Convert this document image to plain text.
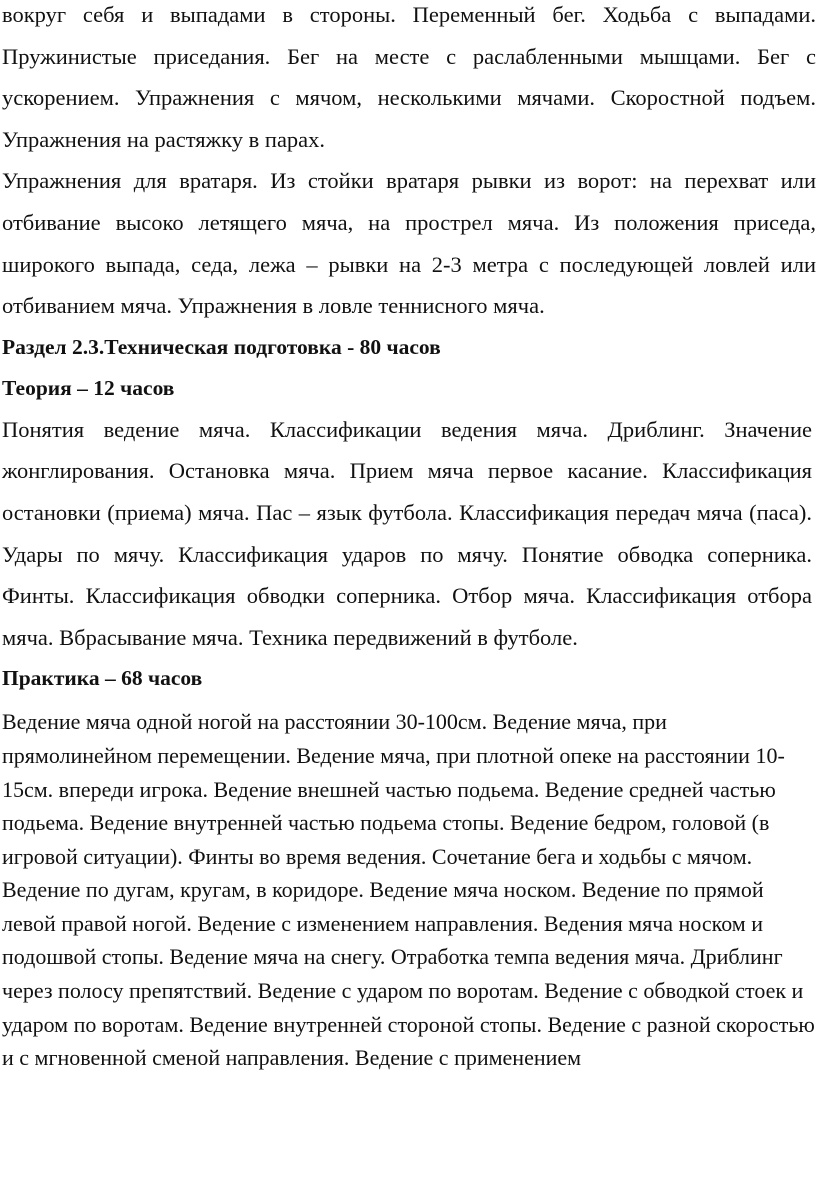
вокруг себя и выпадами в стороны. Переменный бег. Ходьба с выпадами. Пружинистые приседания. Бег на месте с раслабленными мышцами. Бег с ускорением. Упражнения с мячом, несколькими мячами. Скоростной подъем. Упражнения на растяжку в парах.

Упражнения для вратаря. Из стойки вратаря рывки из ворот: на перехват или отбивание высоко летящего мяча, на прострел мяча. Из положения приседа, широкого выпада, седа, лежа – рывки на 2-3 метра с последующей ловлей или отбиванием мяча. Упражнения в ловле теннисного мяча.

Раздел 2.3.Техническая подготовка - 80 часов

Теория – 12 часов

Понятия ведение мяча. Классификации ведения мяча. Дриблинг. Значение жонглирования. Остановка мяча. Прием мяча первое касание. Классификация остановки (приема) мяча. Пас – язык футбола. Классификация передач мяча (паса). Удары по мячу. Классификация ударов по мячу. Понятие обводка соперника. Финты. Классификация обводки соперника. Отбор мяча. Классификация отбора мяча. Вбрасывание мяча. Техника передвижений в футболе.

Практика – 68 часов

Ведение мяча одной ногой на расстоянии 30-100см. Ведение мяча, при прямолинейном перемещении. Ведение мяча, при плотной опеке на расстоянии 10-15см. впереди игрока. Ведение внешней частью подьема. Ведение средней частью подьема. Ведение внутренней частью подьема стопы. Ведение бедром, головой (в игровой ситуации). Финты во время ведения. Сочетание бега и ходьбы с мячом. Ведение по дугам, кругам, в коридоре. Ведение мяча носком. Ведение по прямой левой правой ногой. Ведение с изменением направления. Ведения мяча носком и подошвой стопы. Ведение мяча на снегу. Отработка темпа ведения мяча. Дриблинг через полосу препятствий. Ведение с ударом по воротам. Ведение с обводкой стоек и ударом по воротам. Ведение внутренней стороной стопы. Ведение с разной скоростью и с мгновенной сменой направления. Ведение с применением
